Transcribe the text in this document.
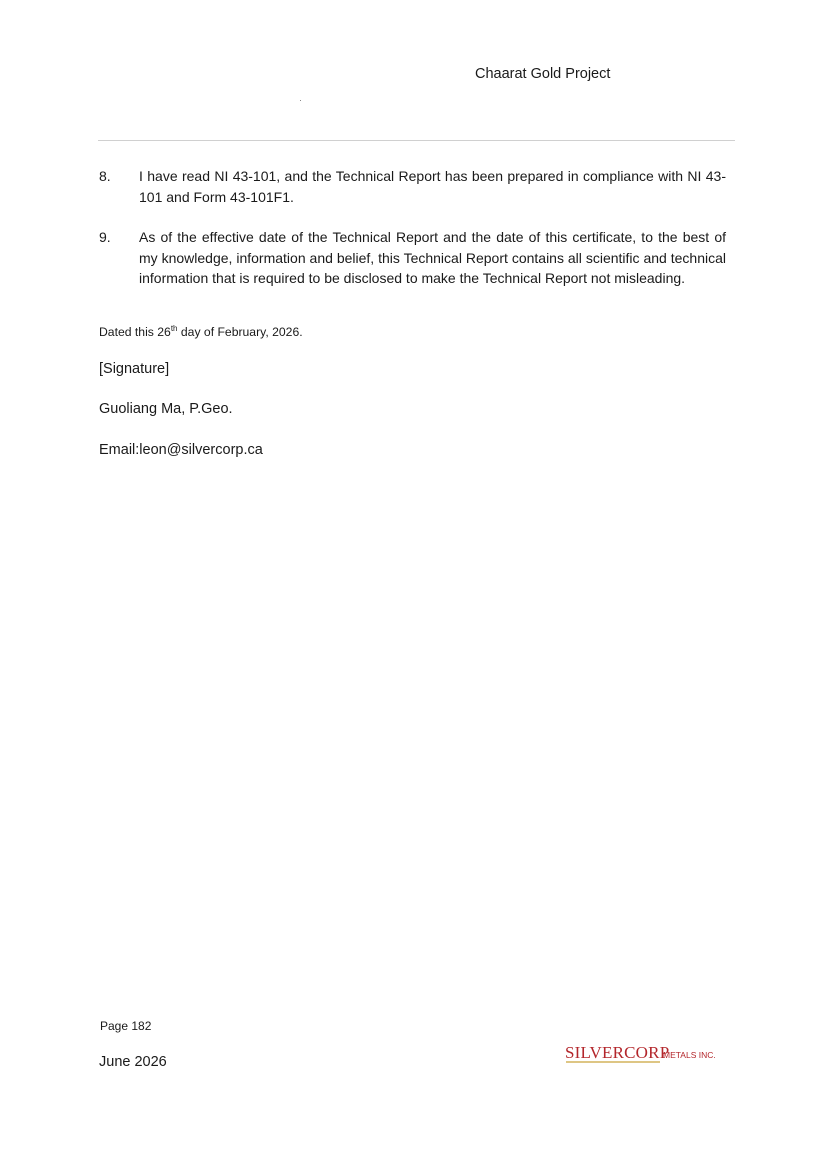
Chaarat Gold Project
8. I have read NI 43-101, and the Technical Report has been prepared in compliance with NI 43-101 and Form 43-101F1.
9. As of the effective date of the Technical Report and the date of this certificate, to the best of my knowledge, information and belief, this Technical Report contains all scientific and technical information that is required to be disclosed to make the Technical Report not misleading.
Dated this 26th day of February, 2026.
[Signature]
Guoliang Ma, P.Geo.
Email:leon@silvercorp.ca
Page 182
June 2026	SILVERCORP
METALS INC.
